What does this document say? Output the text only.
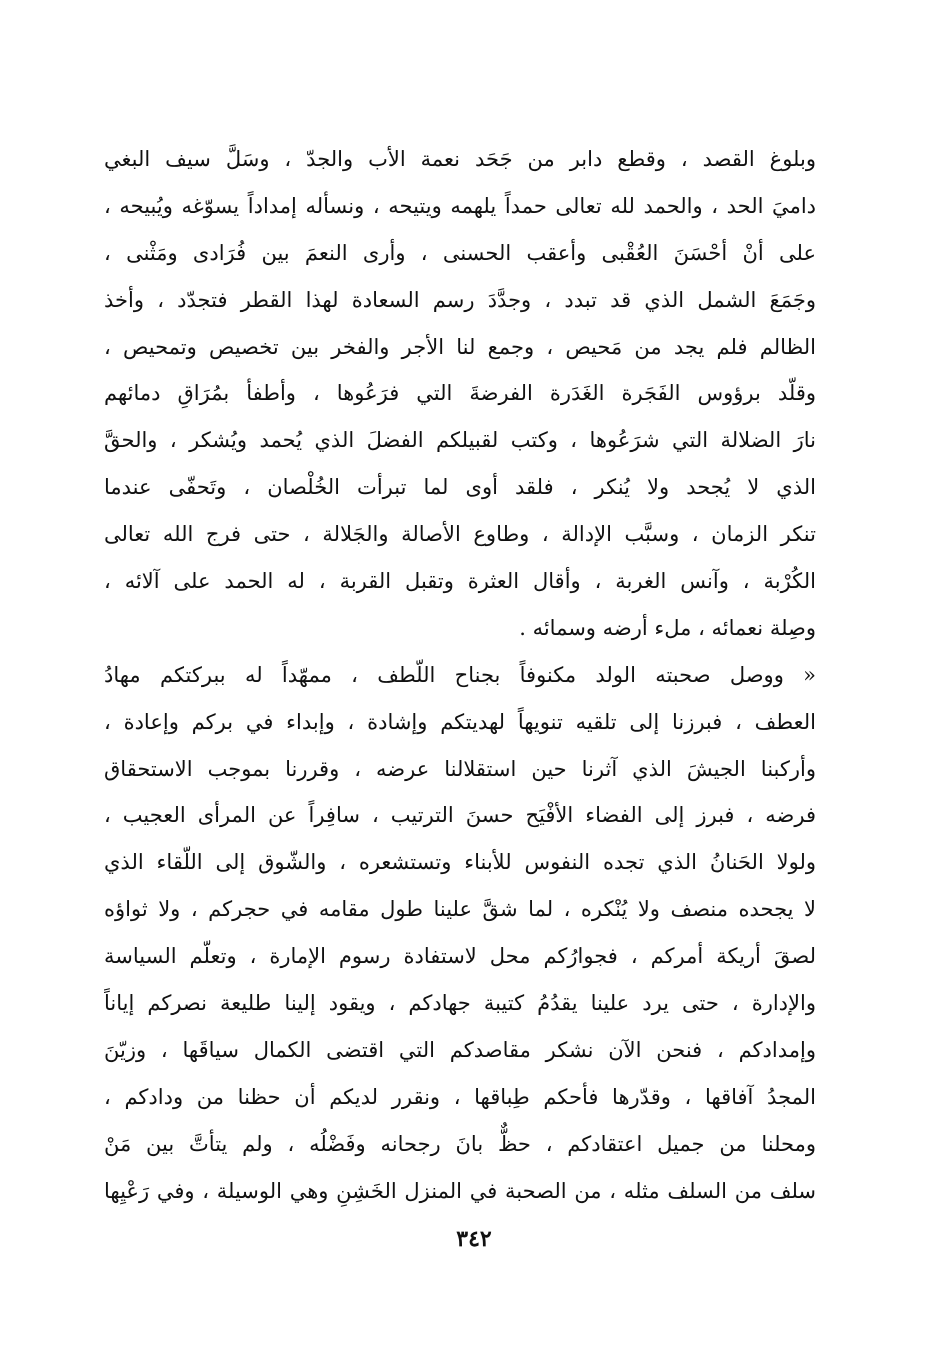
وبلوغ القصد ، وقطع دابر من جَحَد نعمة الأب والجدّ ، وسَلَّ سيف البغي
داميَ الحد ، والحمد لله تعالى حمداً يلهمه ويتيحه ، ونسأله إمداداً يسوّغه ويُبيحه ،
على أنْ أحْسَنَ العُقْبى وأعقب الحسنى ، وأرى النعمَ بين فُرَادى ومَثْنى ،
وجَمَعَ الشمل الذي قد تبدد ، وجدَّدَ رسم السعادة لهذا القطر فتجدّد ، وأخذ
الظالم فلم يجد من مَحيص ، وجمع لنا الأجر والفخر بين تخصيص وتمحيص ،
وقلّد برؤوس الفَجَرة الغَدَرة الفرضةَ التي فرَعُوها ، وأطفأ بمُرَاقِ دمائهم
نارَ الضلالة التي شرَعُوها ، وكتب لقبيلكم الفضلَ الذي يُحمد ويُشكر ، والحقَّ
الذي لا يُجحد ولا يُنكر ، فلقد أوى لما تبرأت الخُلْصان ، وتَحفّى عندما
تنكر الزمان ، وسبَّب الإدالة ، وطاوع الأصالة والجَلالة ، حتى فرج الله تعالى
الكُرْبة ، وآنس الغربة ، وأقال العثرة وتقبل القربة ، له الحمد على آلائه ،
وصِلة نعمائه ، ملء أرضه وسمائه .
« ووصل صحبته الولد مكنوفاً بجناح اللّطف ، ممهّداً له ببركتكم مهادُ
العطف ، فبرزنا إلى تلقيه تنويهاً لهديتكم وإشادة ، وإبداء في بركم وإعادة ،
وأركبنا الجيشَ الذي آثرنا حين استقلالنا عرضه ، وقررنا بموجب الاستحقاق
فرضه ، فبرز إلى الفضاء الأفْيَح حسنَ الترتيب ، سافِراً عن المرأى العجيب ،
ولولا الحَنانُ الذي تجده النفوس للأبناء وتستشعره ، والشّوق إلى اللّقاء الذي
لا يجحده منصف ولا يُنْكره ، لما شقَّ علينا طول مقامه في حجركم ، ولا ثواؤه
لصقَ أريكة أمركم ، فجوارُكم محل لاستفادة رسوم الإمارة ، وتعلّم السياسة
والإدارة ، حتى يرد علينا يقدُمُ كتيبة جهادكم ، ويقود إلينا طليعة نصركم إياناً
وإمدادكم ، فنحن الآن نشكر مقاصدكم التي اقتضى الكمال سياقَها ، وزيّنَ
المجدُ آفاقها ، وقدّرها فأحكم طِباقها ، ونقرر لديكم أن حظنا من ودادكم ،
ومحلنا من جميل اعتقادكم ، حظٌّ بانَ رجحانه وفَضْلُه ، ولم يتأتَّ بين مَنْ
سلف من السلف مثله ، من الصحبة في المنزل الخَشِنِ وهي الوسيلة ، وفي رَعْيِها
٣٤٢
